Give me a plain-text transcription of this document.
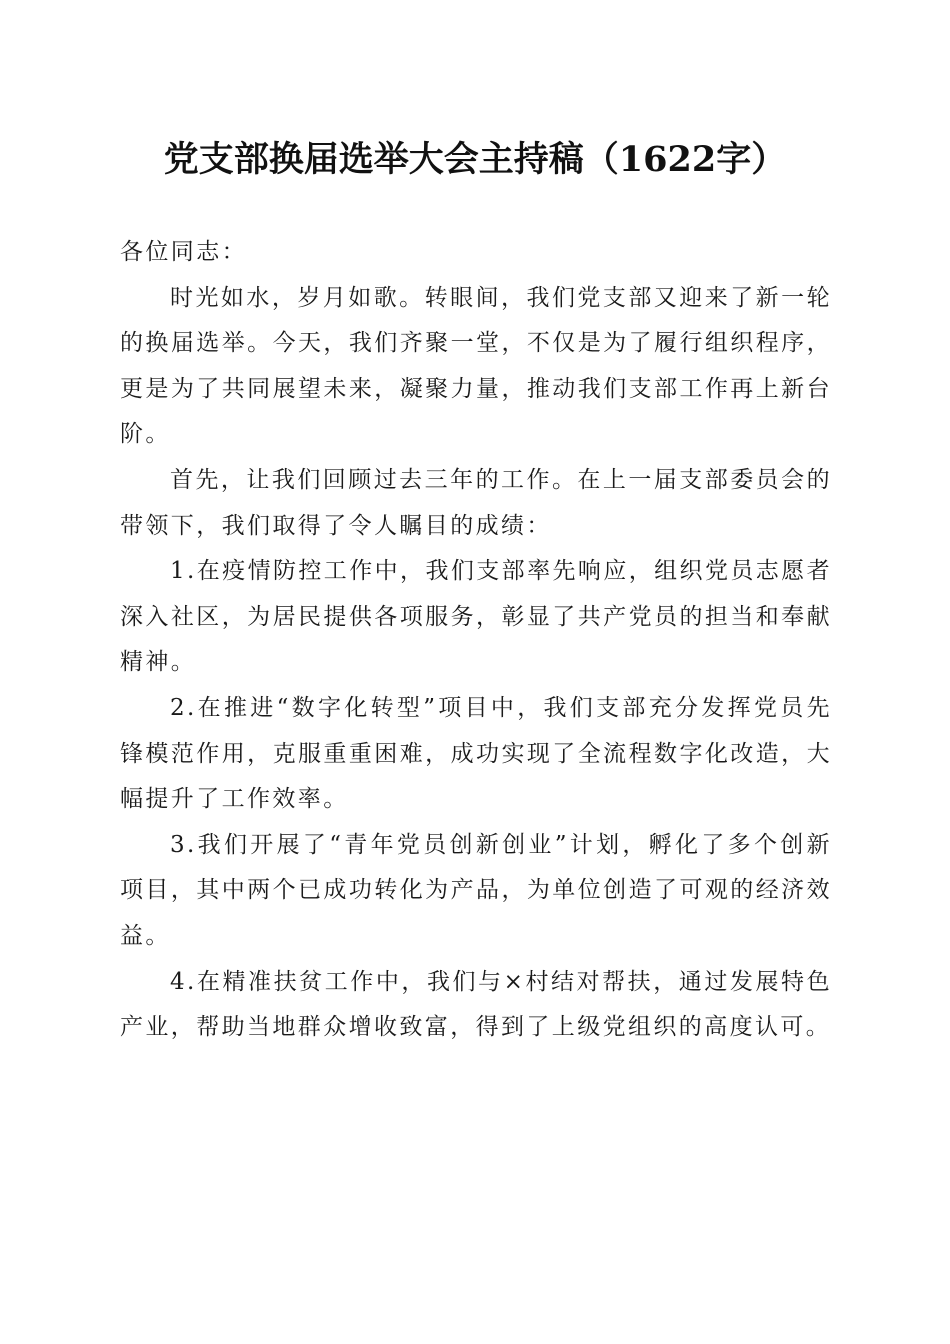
党支部换届选举大会主持稿（1622字）

各位同志：

时光如水，岁月如歌。转眼间，我们党支部又迎来了新一轮的换届选举。今天，我们齐聚一堂，不仅是为了履行组织程序，更是为了共同展望未来，凝聚力量，推动我们支部工作再上新台阶。

首先，让我们回顾过去三年的工作。在上一届支部委员会的带领下，我们取得了令人瞩目的成绩：

1.在疫情防控工作中，我们支部率先响应，组织党员志愿者深入社区，为居民提供各项服务，彰显了共产党员的担当和奉献精神。

2.在推进“数字化转型”项目中，我们支部充分发挥党员先锋模范作用，克服重重困难，成功实现了全流程数字化改造，大幅提升了工作效率。

3.我们开展了“青年党员创新创业”计划，孵化了多个创新项目，其中两个已成功转化为产品，为单位创造了可观的经济效益。

4.在精准扶贫工作中，我们与×村结对帮扶，通过发展特色产业，帮助当地群众增收致富，得到了上级党组织的高度认可。
